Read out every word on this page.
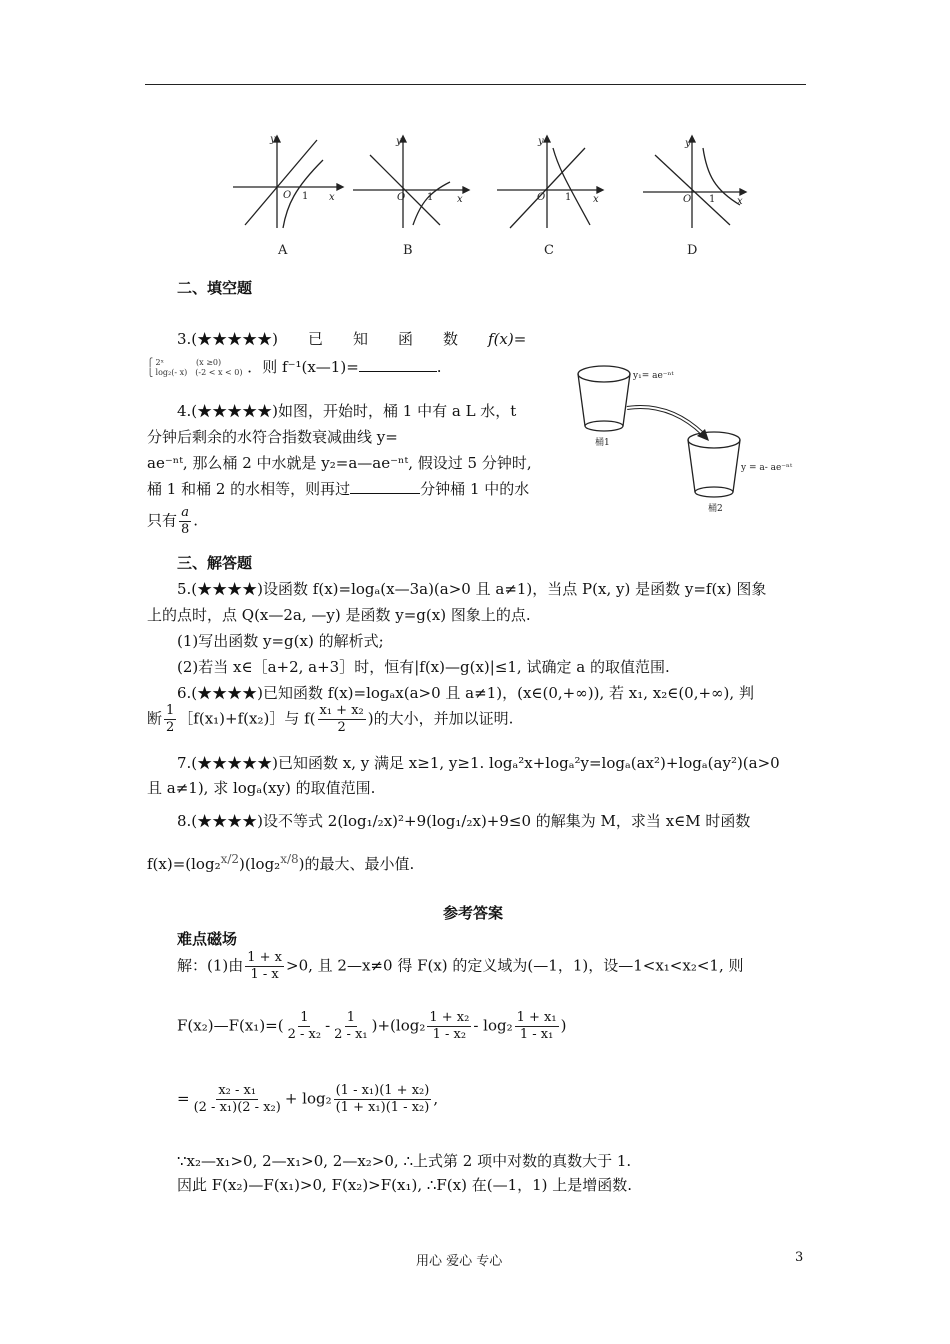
y
x
O
y
x
O
y
x
O
y
x
O
1	1	1	1
A	B	C	D
二、填空题
3.(★★★★★)　　已　　知　　函　　数　　f(x)=
⎧ 2ˣ　　　　(x ≥0)
⎩ log₂(- x)　(-2 < x < 0) ．则 f⁻¹(x—1)=	.
4.(★★★★★)如图，开始时，桶 1 中有 a L 水，t
分钟后剩余的水符合指数衰减曲线 y=
ae⁻ⁿᵗ, 那么桶 2 中水就是 y₂=a—ae⁻ⁿᵗ, 假设过 5 分钟时,
桶 1 和桶 2 的水相等，则再过	分钟桶 1 中的水
只有 $\frac{a}{8}$ .
y₁= ae⁻ⁿᵗ
y = a- ae⁻ⁿᵗ
桶1
桶2
三、解答题
5.(★★★★)设函数 f(x)=logₐ(x—3a)(a>0 且 a≠1)，当点 P(x, y) 是函数 y=f(x) 图象
上的点时，点 Q(x—2a, —y) 是函数 y=g(x) 图象上的点.
(1)写出函数 y=g(x) 的解析式;
(2)若当 x∈［a+2, a+3］时，恒有|f(x)—g(x)|≤1, 试确定 a 的取值范围.
6.(★★★★)已知函数 f(x)=logₐx(a>0 且 a≠1)，(x∈(0,+∞)), 若 x₁, x₂∈(0,+∞), 判
断 $\frac{1}{2}$ ［f(x₁)+f(x₂)］与 $f( \frac{\text{x₁ + x₂}}{2}$ )的大小，并加以证明.
7.(★★★★★)已知函数 x, y 满足 x≥1, y≥1. logₐ²x+logₐ²y=logₐ(ax²)+logₐ(ay²)(a>0
且 a≠1), 求 logₐ(xy) 的取值范围.
8.(★★★★)设不等式 2(log₁/₂x)²+9(log₁/₂x)+9≤0 的解集为 M，求当 x∈M 时函数
f(x)=(log₂$^{x/2}$)(log₂$^{x/8}$)的最大、最小值.
参考答案
难点磁场
解：(1)由 $\frac{1 + x}{1 - x} >0$, 且 2—x≠0 得 F(x) 的定义域为(—1，1)，设—1<x₁<x₂<1, 则
F(x₂)—F(x₁)=( $\frac{1}{\text{2 - x₂}} - \frac{1}{\text{2 - x₁}} )+(\log_2 \frac{\text{1 + x₂}}{\text{1 - x₂}} - \log_2 \frac{\text{1 + x₁}}{\text{1 - x₁}}$ )
= $\frac{\text{x₂ - x₁}}{\text{(2 - x₁)(2 - x₂)}} + \log_2 \frac{\text{(1 - x₁)(1 + x₂)}}{\text{(1 + x₁)(1 - x₂)}}$ ,
∵x₂—x₁>0, 2—x₁>0, 2—x₂>0, ∴上式第 2 项中对数的真数大于 1.
因此 F(x₂)—F(x₁)>0, F(x₂)>F(x₁), ∴F(x) 在(—1，1) 上是增函数.
用心 爱心 专心	3
